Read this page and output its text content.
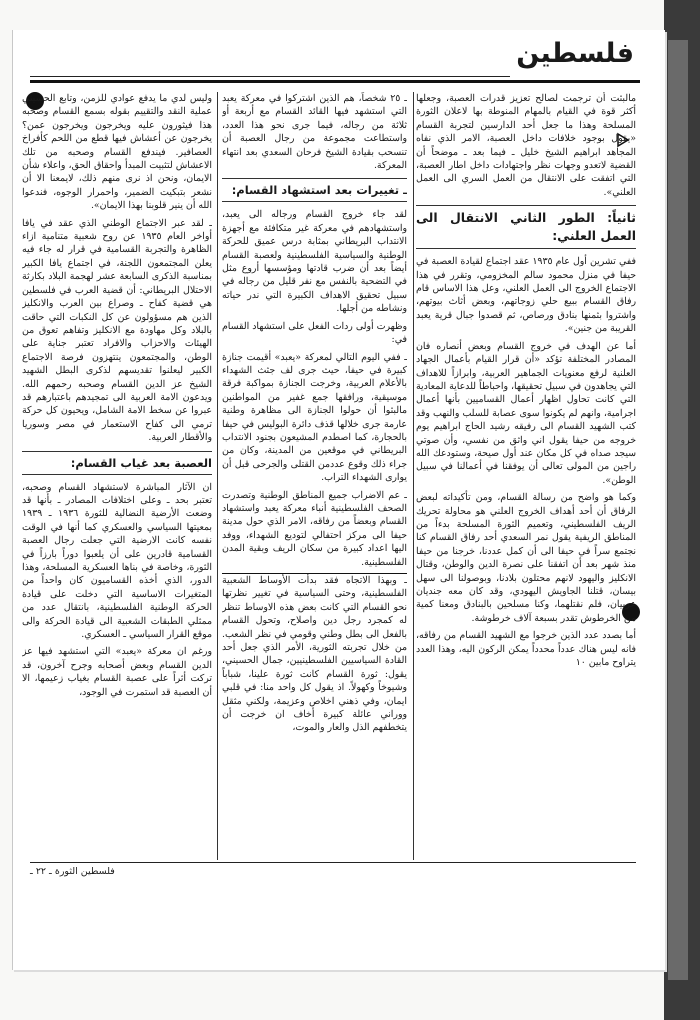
فلسطين

مالبثت أن ترجمت لصالح تعزيز قدرات العصبة، وجعلها أكثر قوة في القيام بالمهام المنوطة بها لاعلان الثورة المسلحة وهذا ما جعل أحد الدارسين لتجربة القسام «يقول بوجود خلافات داخل العصبة، الامر الذي نفاه المجاهد ابراهيم الشيخ خليل ـ فيما بعد ـ موضحاً أن القضية لاتعدو وجهات نظر واجتهادات داخل اطار العصبة، التي اتفقت على الانتقال من العمل السري الى العمل العلني».

ثانياً: الطور الثاني الانتقال الى العمل العلني:

ففي تشرين أول عام ١٩٣٥ عقد اجتماع لقيادة العصبة في حيفا في منزل محمود سالم المخزومي، وتقرر في هذا الاجتماع الخروج الى العمل العلني، وعل هذا الاساس قام رفاق القسام ببيع حلي زوجاتهم، وبعض أثاث بيوتهم، واشتروا بثمنها بنادق ورصاص، ثم قصدوا جبال قرية يعبد القريبة من جنين».

أما عن الهدف في خروج القسام وبعض أنصاره فان المصادر المختلفة تؤكد «أن قرار القيام بأعمال الجهاد العلنية لرفع معنويات الجماهير العربية، وابرازاً للاهداف التي يجاهدون في سبيل تحقيقها، واحباطاً للدعاية المعادية التي كانت تحاول اظهار أعمال القساميين بأنها أعمال اجرامية، وانهم لم يكونوا سوى عصابة للسلب والنهب وقد كتب الشهيد القسام الى رفيقه رشيد الحاج ابراهيم يوم خروجه من حيفا يقول اني واثق من نفسي، وأن صوتي سيجد صداه في كل مكان عند أول صيحة، وستودعك الله راجين من المولى تعالى أن يوفقنا في أعمالنا في سبيل الوطن».

وكما هو واضح من رسالة القسام، ومن تأكيداته لبعض الرفاق أن أحد أهداف الخروج العلني هو محاولة تحريك الريف الفلسطيني، وتعميم الثورة المسلحة بدءاً من المناطق الريفية يقول نمر السعدي أحد رفاق القسام كنا نجتمع سراً في حيفا الى أن كمل عددنا، خرجنا من حيفا منذ شهر بعد أن اتفقنا على نصرة الدين والوطن، وقتال الانكليز واليهود لانهم محتلون بلادنا، وبوصولنا الى سهل بيسان، قتلنا الجاويش اليهودي، وقد كان معه جنديان عربيان، فلم نقتلهما، وكنا مسلحين بالبنادق ومعنا كمية من الخرطوش تقدر بسبعة آلاف خرطوشة.

أما بصدد عدد الذين خرجوا مع الشهيد القسام من رفاقه، فانه ليس هناك عدداً محدداً يمكن الركون اليه، وهذا العدد يتراوح مابين ١٠

ـ ٢٥ شخصاً، هم الذين اشتركوا في معركة يعبد التي استشهد فيها القائد القسام مع أربعة أو ثلاثة من رجاله، فيما جرى نحو هذا العدد، واستطاعت مجموعة من رجال العصبة أن تنسحب بقيادة الشيخ فرحان السعدي بعد انتهاء المعركة.

ـ تغييرات بعد استشهاد القسام:

لقد جاء خروج القسام ورجاله الى يعبد، واستشهادهم في معركة غير متكافئة مع أجهزة الانتداب البريطاني بمثابة درس عميق للحركة الوطنية والسياسية الفلسطينية ولعصبة القسام أيضاً بعد أن ضرب قادتها ومؤسسها أروع مثل في التضحية بالنفس مع نفر قليل من رجاله في سبيل تحقيق الاهداف الكبيرة التي ندر حياته ونشاطه من أجلها.

وظهرت أولى ردات الفعل على استشهاد القسام في:

ـ ففي اليوم التالي لمعركة «يعبد» أقيمت جنازة كبيرة في حيفا، حيث جرى لف جثث الشهداء بالأعلام العربية، وخرجت الجنازة بمواكبة فرقة موسيقية، ورافقها جمع غفير من المواطنين مالبثوا أن حولوا الجنازة الى مظاهرة وطنية عارمة جرى خلالها قذف دائرة البوليس في حيفا بالحجارة، كما اصطدم المشيعون بجنود الانتداب البريطاني في موقعين من المدينة، وكان من جراء ذلك وقوع عددمن القتلى والجرحى قبل أن يوارى الشهداء التراب.

ـ عم الاضراب جميع المناطق الوطنية وتصدرت الصحف الفلسطينية أنباء معركة يعبد واستشهاد القسام وبعضاً من رفاقه، الامر الذي حول مدينة حيفا الى مركز احتفالي لتوديع الشهداء، ووفد اليها اعداد كبيرة من سكان الريف وبقية المدن الفلسطينية.

ـ وبهذا الاتجاه فقد بدأت الأوساط الشعبية الفلسطينية، وحتى السياسية في تغيير نظرتها نحو القسام التي كانت بعض هذه الاوساط تنظر له كمجرد رجل دين واصلاح، وتحول القسام بالفعل الى بطل وطني وقومي في نظر الشعب. من خلال تجربته الثورية، الأمر الذي جعل أحد القادة السياسيين الفلسطينيين، جمال الحسيني، يقول: ثورة القسام كانت ثورة علينا، شباباً وشيوخاً وكهولاً. اذ يقول كل واحد منا: في قلبي ايمان، وفي ذهني اخلاص وعزيمة، ولكني مثقل ووراني عائلة كبيرة أخاف ان خرجت أن يتخطفهم الذل والعار والموت،

وليس لدي ما يدفع عوادي للزمن، وتابع الحسيني عملية النقد والتقييم بقوله بسمع القسام وصحبه هذا فيثورون عليه ويخرجون ويخرجون عمن؟ يخرجون عن أعشاش فيها قطع من اللحم كأفراخ العصافير. فيندفع القسام وصحبه من تلك الاعشاش لتثبيت المبدأ واحقاق الحق، واعلاء شأن الايمان، ونحن اذ نرى منهم ذلك، لايمعنا الا أن نشعر بتبكيت الضمير، واحمرار الوجوه، فندعوا الله أن ينير قلوبنا بهذا الايمان».

ـ لقد عبر الاجتماع الوطني الذي عقد في يافا أواخر العام ١٩٣٥ عن روح شعبية متنامية ازاء الظاهرة والتجربة القسامية في قرار له جاء فيه يعلن المجتمعون اللجنة، في اجتماع يافا الكبير بمناسبة الذكرى السابعة عشر لهجمة البلاد بكارثة الاحتلال البريطاني: أن قضية العرب في فلسطين هي قضية كفاح ـ وصراع بين العرب والانكليز الذين هم مسؤولون عن كل النكبات التي حاقت بالبلاد وكل مهاودة مع الانكليز وتفاهم تعوق من الهيئات والاحزاب والافراد تعتبر جناية على الوطن، والمجتمعون ينتهزون فرصة الاجتماع الكبير ليعلنوا تقديسهم لذكرى البطل الشهيد الشيخ عز الدين القسام وصحبه رحمهم الله. ويدعون الامة العربية الى تمجيدهم باعتبارهم قد عبروا عن سخط الامة الشامل، ويحيون كل حركة ترمي الى كفاح الاستعمار في مصر وسوريا والأقطار العربية.

العصبة بعد غياب القسام:

ان الآثار المباشرة لاستشهاد القسام وصحبه، تعتبر بحد ـ وعلى اختلافات المصادر ـ بأنها قد وضعت الأرضية النضالية للثورة ١٩٣٦ ـ ١٩٣٩ بمعيتها السياسي والعسكري كما أنها في الوقت نفسه كانت الارضية التي جعلت رجال العصبة القسامية قادرين على أن يلعبوا دوراً بارزاً في الثورة، وخاصة في بناها العسكرية المسلحة، وهذا الدور، الذي أخذه القساميون كان واحداً من المتغيرات الاساسية التي دخلت على قيادة الحركة الوطنية الفلسطينية، بانتقال عدد من ممثلي الطبقات الشعبية الى قيادة الحركة والى موقع القرار السياسي ـ العسكري.

ورغم ان معركة «يعبد» التي استشهد فيها عز الدين القسام وبعض أصحابه وجرح آخرون، قد تركت أثراً على عصبة القسام بغياب زعيمها، الا أن العصبة قد استمرت في الوجود،

فلسطين الثورة ـ ٢٢ ـ
